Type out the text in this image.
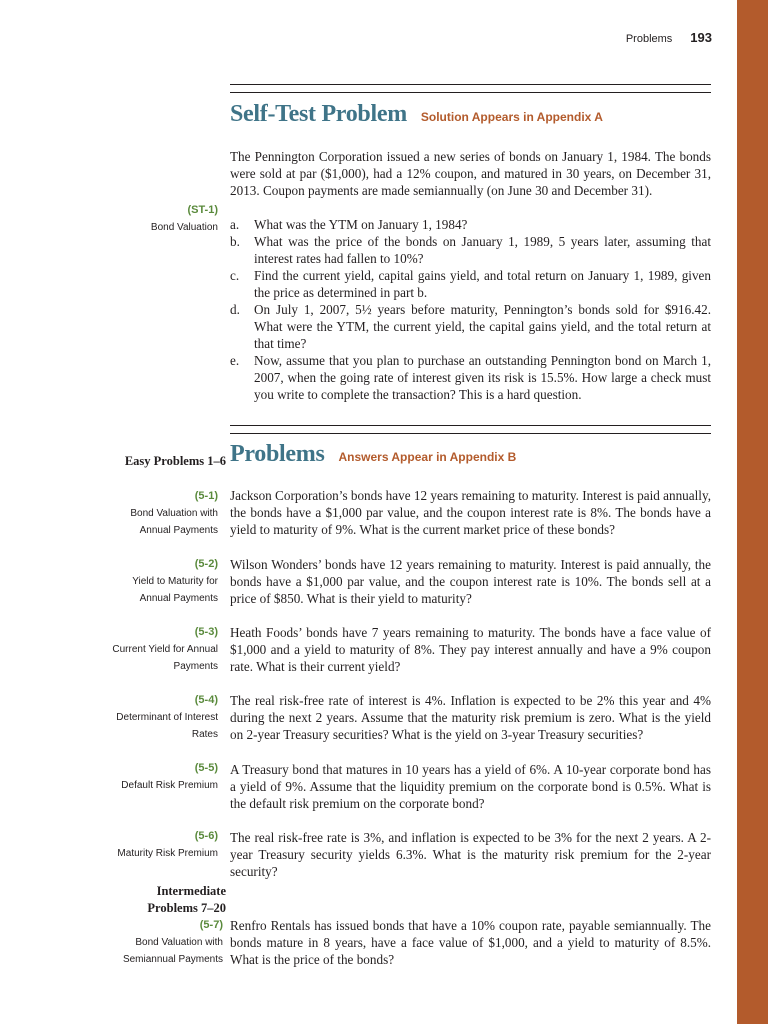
Problems 193
Self-Test Problem Solution Appears in Appendix A
(ST-1)
Bond Valuation

The Pennington Corporation issued a new series of bonds on January 1, 1984. The bonds were sold at par ($1,000), had a 12% coupon, and matured in 30 years, on December 31, 2013. Coupon payments are made semiannually (on June 30 and December 31).

a.	What was the YTM on January 1, 1984?
b.	What was the price of the bonds on January 1, 1989, 5 years later, assuming that interest rates had fallen to 10%?
c.	Find the current yield, capital gains yield, and total return on January 1, 1989, given the price as determined in part b.
d.	On July 1, 2007, 5½ years before maturity, Pennington’s bonds sold for $916.42. What were the YTM, the current yield, the capital gains yield, and the total return at that time?
e.	Now, assume that you plan to purchase an outstanding Pennington bond on March 1, 2007, when the going rate of interest given its risk is 15.5%. How large a check must you write to complete the transaction? This is a hard question.
Problems Answers Appear in Appendix B
Easy Problems 1–6
(5-1)
Bond Valuation with
Annual Payments

Jackson Corporation’s bonds have 12 years remaining to maturity. Interest is paid annually, the bonds have a $1,000 par value, and the coupon interest rate is 8%. The bonds have a yield to maturity of 9%. What is the current market price of these bonds?

(5-2)
Yield to Maturity for
Annual Payments

Wilson Wonders’ bonds have 12 years remaining to maturity. Interest is paid annually, the bonds have a $1,000 par value, and the coupon interest rate is 10%. The bonds sell at a price of $850. What is their yield to maturity?

(5-3)
Current Yield for Annual
Payments

Heath Foods’ bonds have 7 years remaining to maturity. The bonds have a face value of $1,000 and a yield to maturity of 8%. They pay interest annually and have a 9% coupon rate. What is their current yield?

(5-4)
Determinant of Interest
Rates

The real risk-free rate of interest is 4%. Inflation is expected to be 2% this year and 4% during the next 2 years. Assume that the maturity risk premium is zero. What is the yield on 2-year Treasury securities? What is the yield on 3-year Treasury securities?

(5-5)
Default Risk Premium

A Treasury bond that matures in 10 years has a yield of 6%. A 10-year corporate bond has a yield of 9%. Assume that the liquidity premium on the corporate bond is 0.5%. What is the default risk premium on the corporate bond?

(5-6)
Maturity Risk Premium

The real risk-free rate is 3%, and inflation is expected to be 3% for the next 2 years. A 2-year Treasury security yields 6.3%. What is the maturity risk premium for the 2-year security?

Intermediate
Problems 7–20
(5-7)
Bond Valuation with
Semiannual Payments

Renfro Rentals has issued bonds that have a 10% coupon rate, payable semiannually. The bonds mature in 8 years, have a face value of $1,000, and a yield to maturity of 8.5%. What is the price of the bonds?
